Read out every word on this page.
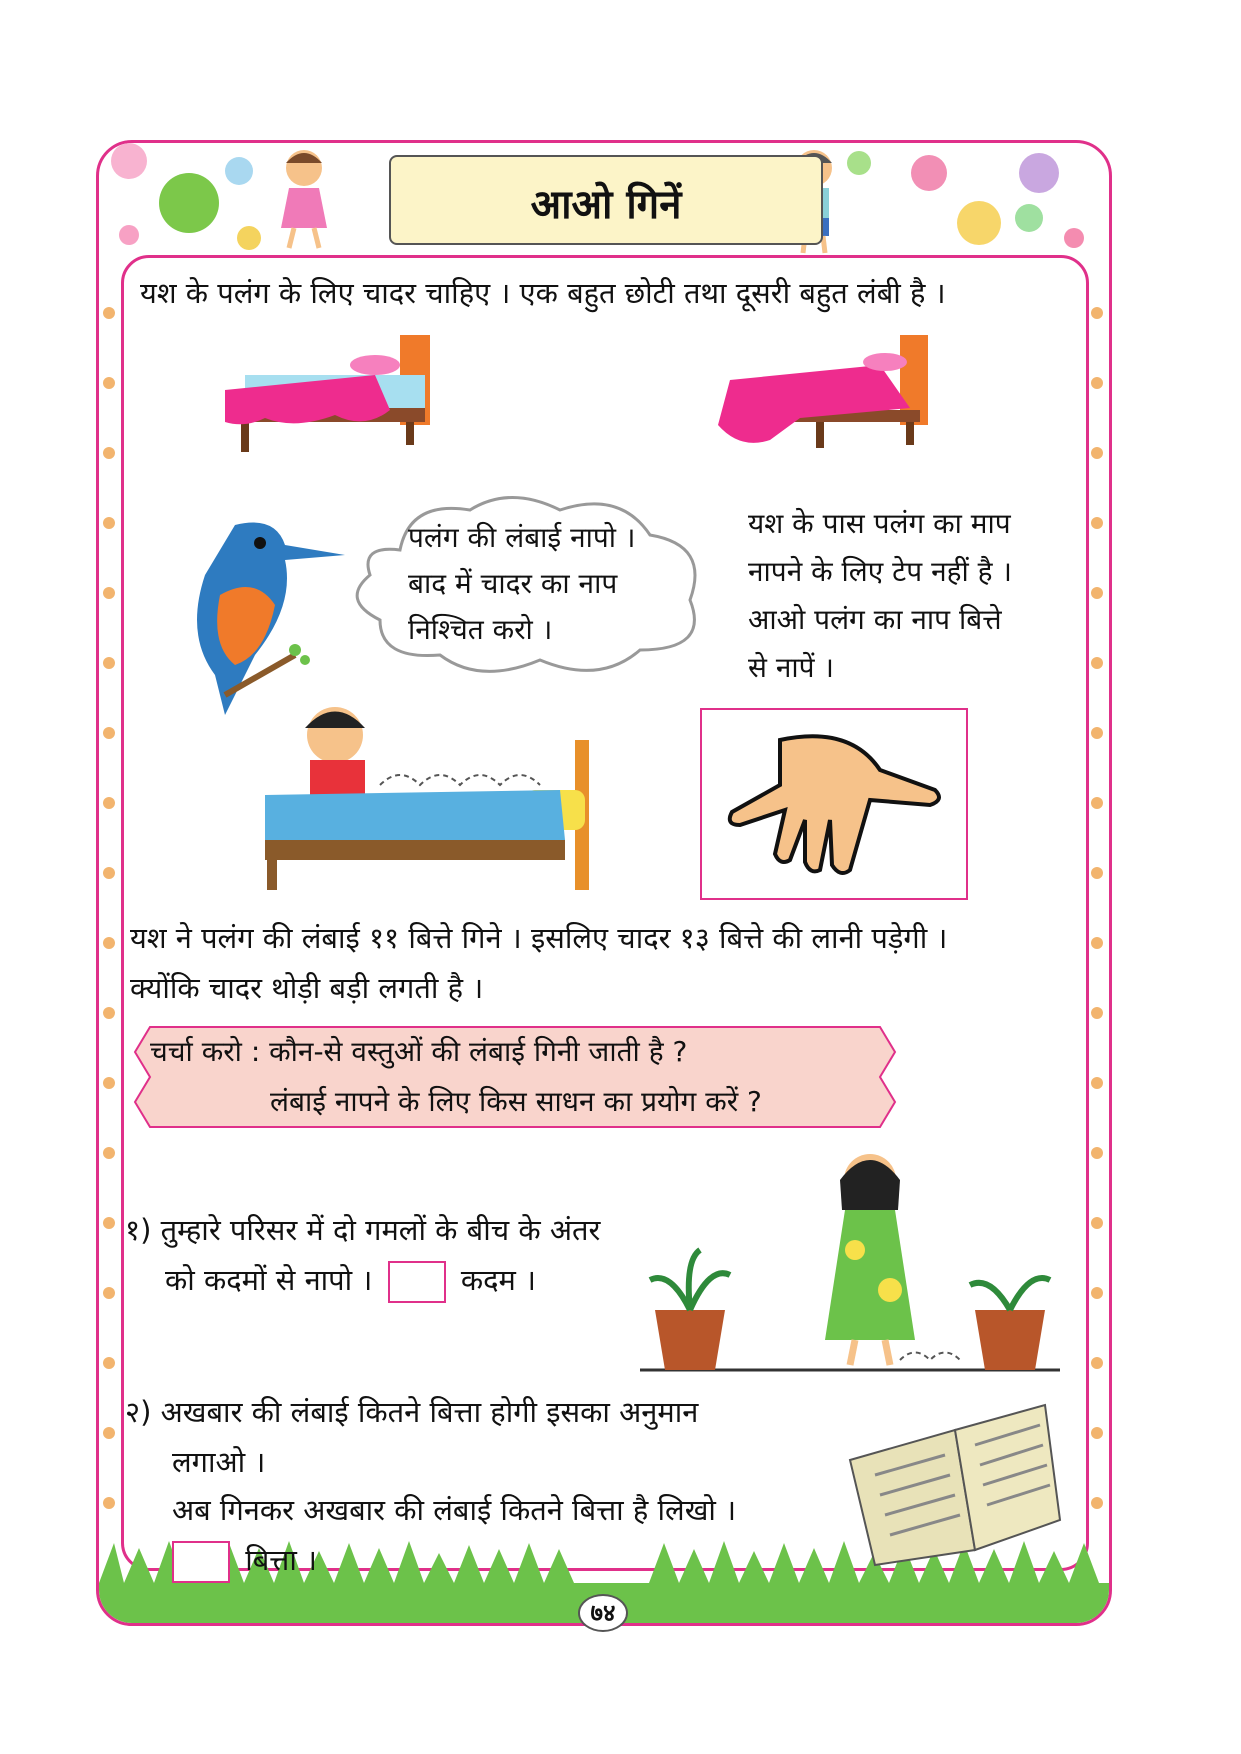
आओ गिनें
यश के पलंग के लिए चादर चाहिए । एक बहुत छोटी तथा दूसरी बहुत लंबी है ।
पलंग की लंबाई नापो ।
बाद में चादर का नाप
निश्चित करो ।
यश के पास पलंग का माप
नापने के लिए टेप नहीं है ।
आओ पलंग का नाप बित्ते
से नापें ।
यश ने पलंग की लंबाई ११ बित्ते गिने । इसलिए चादर १३ बित्ते की लानी पड़ेगी ।
क्योंकि चादर थोड़ी बड़ी लगती है ।
चर्चा करो : कौन-से वस्तुओं की लंबाई गिनी जाती है ?
लंबाई नापने के लिए किस साधन का प्रयोग करें ?
१) तुम्हारे परिसर में दो गमलों के बीच के अंतर
को कदमों से नापो ।	कदम ।
२) अखबार की लंबाई कितने बित्ता होगी इसका अनुमान
लगाओ ।
अब गिनकर अखबार की लंबाई कितने बित्ता है लिखो ।
बित्ता ।
७४
